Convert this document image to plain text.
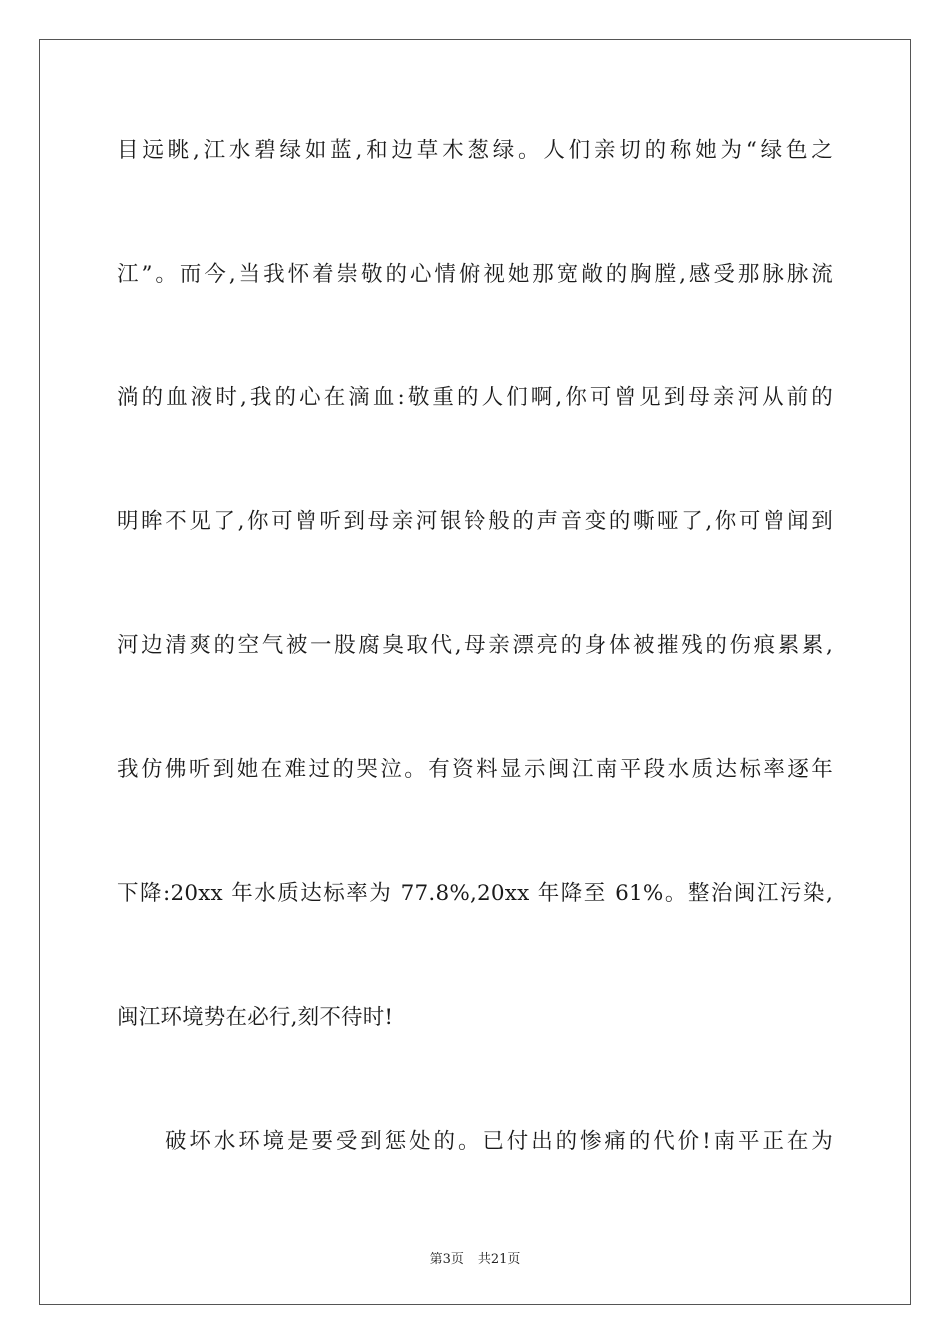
目远眺,江水碧绿如蓝,和边草木葱绿。人们亲切的称她为“绿色之
江”。而今,当我怀着崇敬的心情俯视她那宽敞的胸膛,感受那脉脉流
淌的血液时,我的心在滴血:敬重的人们啊,你可曾见到母亲河从前的
明眸不见了,你可曾听到母亲河银铃般的声音变的嘶哑了,你可曾闻到
河边清爽的空气被一股腐臭取代,母亲漂亮的身体被摧残的伤痕累累,
我仿佛听到她在难过的哭泣。有资料显示闽江南平段水质达标率逐年
下降:20xx 年水质达标率为 77.8%,20xx 年降至 61%。整治闽江污染,
闽江环境势在必行,刻不待时!
破坏水环境是要受到惩处的。已付出的惨痛的代价!南平正在为
第3页 共21页
